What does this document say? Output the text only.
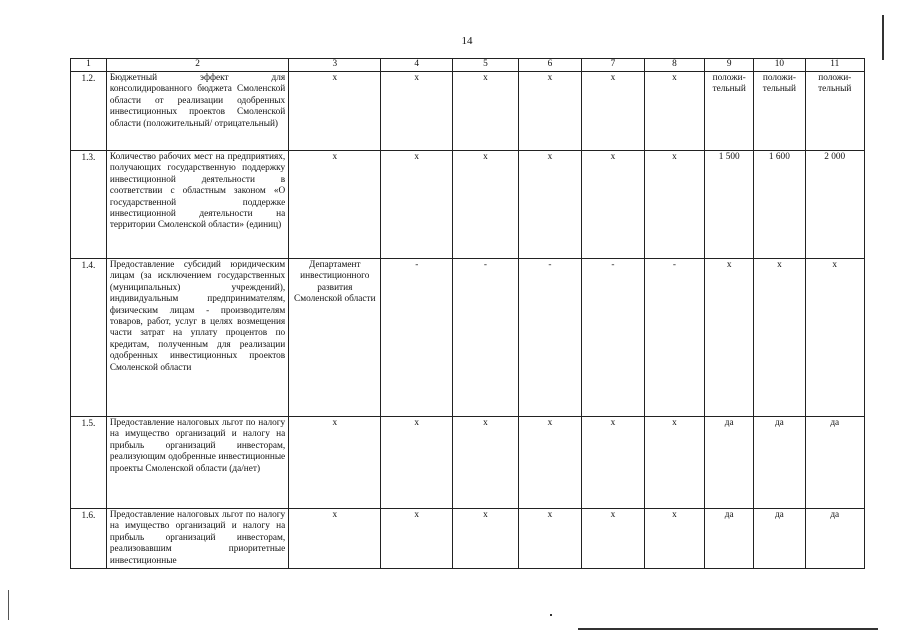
14
1	2	3	4	5	6	7	8	9	10	11
1.2.	Бюджетный эффект для консолидированного бюджета Смоленской области от реализации одобренных инвестиционных проектов Смоленской области (положительный/ отрицательный)	х	х	х	х	х	х	положи-тельный	положи-тельный	положи-тельный
1.3.	Количество рабочих мест на предприятиях, получающих государственную поддержку инвестиционной деятельности в соответствии с областным законом «О государственной поддержке инвестиционной деятельности на территории Смоленской области» (единиц)	х	х	х	х	х	х	1 500	1 600	2 000
1.4.	Предоставление субсидий юридическим лицам (за исключением государственных (муниципальных) учреждений), индивидуальным предпринимателям, физическим лицам - производителям товаров, работ, услуг в целях возмещения части затрат на уплату процентов по кредитам, полученным для реализации одобренных инвестиционных проектов Смоленской области	Департамент инвестиционного развития Смоленской области	-	-	-	-	-	х	х	х
1.5.	Предоставление налоговых льгот по налогу на имущество организаций и налогу на прибыль организаций инвесторам, реализующим одобренные инвестиционные проекты Смоленской области (да/нет)	х	х	х	х	х	х	да	да	да
1.6.	Предоставление налоговых льгот по налогу на имущество организаций и налогу на прибыль организаций инвесторам, реализовавшим приоритетные инвестиционные	х	х	х	х	х	х	да	да	да
